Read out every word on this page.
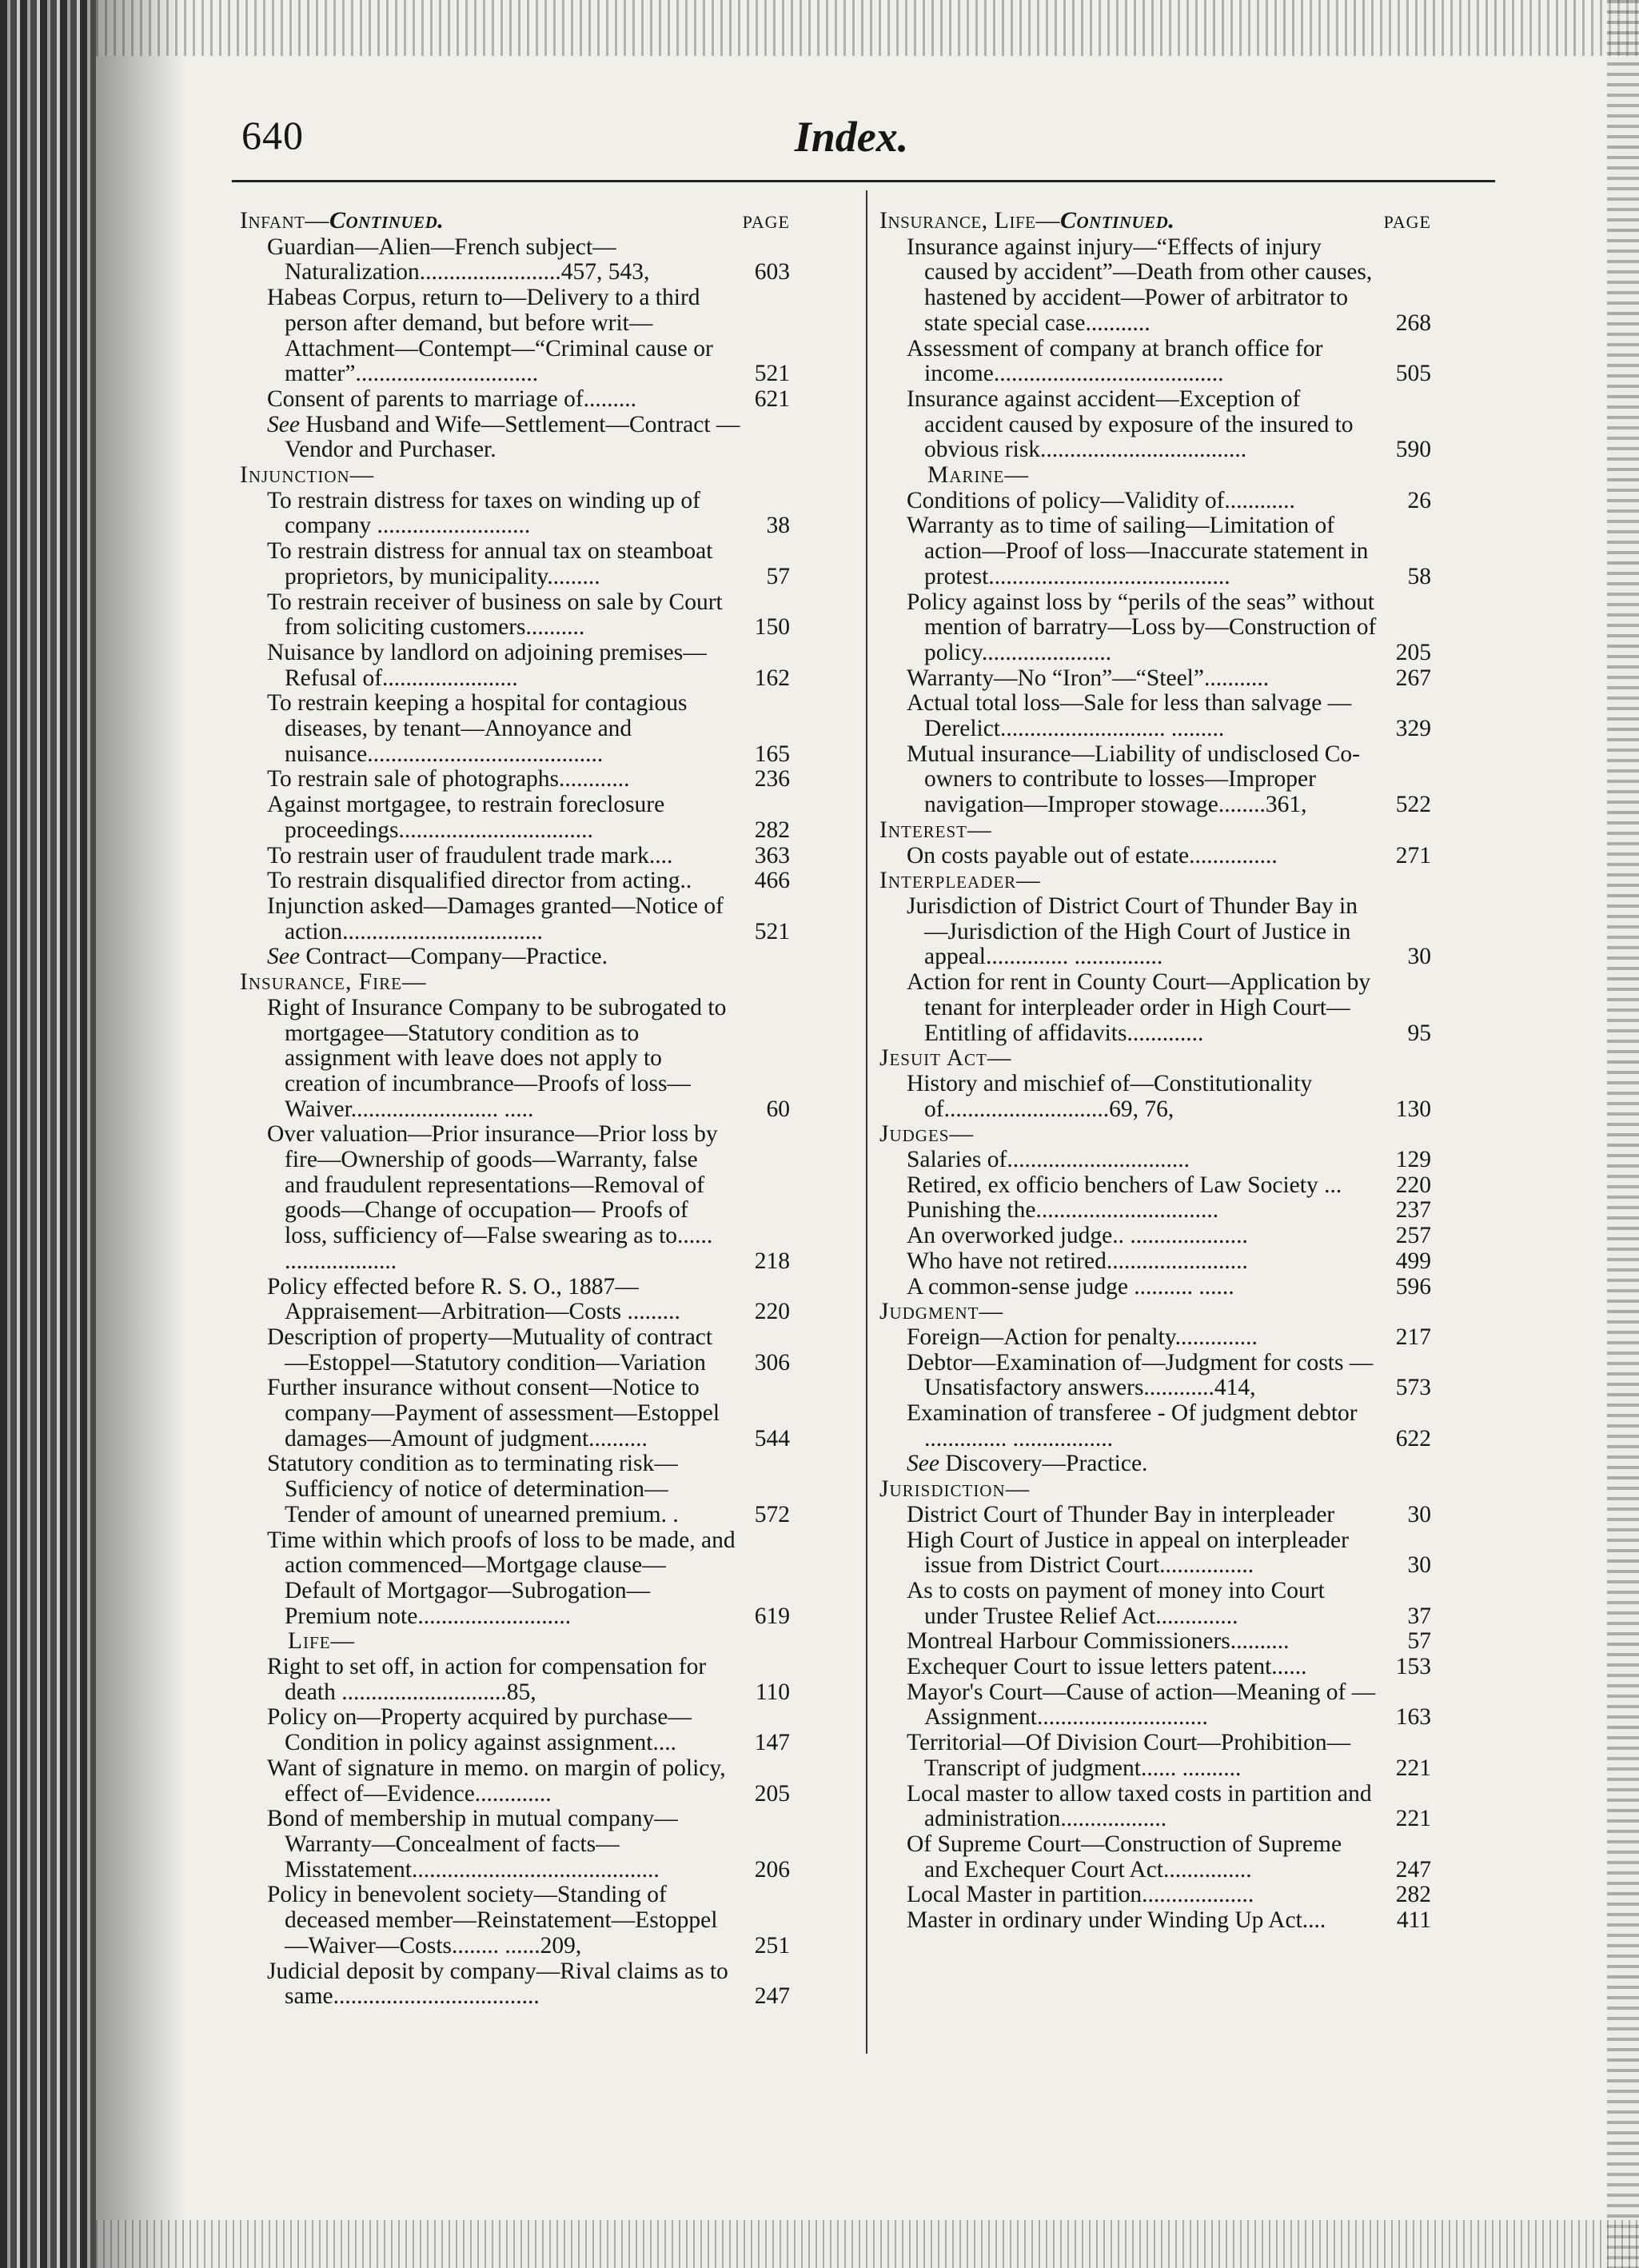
640	Index.
Infant—Continued.	PAGE
Guardian—Alien—French subject—Naturalization........................457, 543,	603
Habeas Corpus, return to—Delivery to a third person after demand, but before writ—Attachment—Contempt—“Criminal cause or matter”...............................	521
Consent of parents to marriage of.........	621
See Husband and Wife—Settlement—Contract —Vendor and Purchaser.
Injunction—
To restrain distress for taxes on winding up of company ..........................	38
To restrain distress for annual tax on steamboat proprietors, by municipality.........	57
To restrain receiver of business on sale by Court from soliciting customers..........	150
Nuisance by landlord on adjoining premises— Refusal of.......................	162
To restrain keeping a hospital for contagious diseases, by tenant—Annoyance and nuisance........................................	165
To restrain sale of photographs............	236
Against mortgagee, to restrain foreclosure proceedings.................................	282
To restrain user of fraudulent trade mark....	363
To restrain disqualified director from acting..	466
Injunction asked—Damages granted—Notice of action..................................	521
See Contract—Company—Practice.
Insurance, Fire—
Right of Insurance Company to be subrogated to mortgagee—Statutory condition as to assignment with leave does not apply to creation of incumbrance—Proofs of loss— Waiver......................... .....	60
Over valuation—Prior insurance—Prior loss by fire—Ownership of goods—Warranty, false and fraudulent representations—Removal of goods—Change of occupation— Proofs of loss, sufficiency of—False swearing as to...... ...................	218
Policy effected before R. S. O., 1887—Appraisement—Arbitration—Costs .........	220
Description of property—Mutuality of contract —Estoppel—Statutory condition—Variation 306
Further insurance without consent—Notice to company—Payment of assessment—Estoppel damages—Amount of judgment..........	544
Statutory condition as to terminating risk— Sufficiency of notice of determination— Tender of amount of unearned premium. .	572
Time within which proofs of loss to be made, and action commenced—Mortgage clause— Default of Mortgagor—Subrogation— Premium note..........................	619
Life—
Right to set off, in action for compensation for death ............................85,	110
Policy on—Property acquired by purchase— Condition in policy against assignment....	147
Want of signature in memo. on margin of policy, effect of—Evidence.............	205
Bond of membership in mutual company— Warranty—Concealment of facts—Misstatement..........................................	206
Policy in benevolent society—Standing of deceased member—Reinstatement—Estoppel—Waiver—Costs........ ......209,	251
Judicial deposit by company—Rival claims as to same...................................	247
Insurance, Life—Continued.	PAGE
Insurance against injury—“Effects of injury caused by accident”—Death from other causes, hastened by accident—Power of arbitrator to state special case...........	268
Assessment of company at branch office for income.......................................	505
Insurance against accident—Exception of accident caused by exposure of the insured to obvious risk...................................	590
Marine—
Conditions of policy—Validity of............	26
Warranty as to time of sailing—Limitation of action—Proof of loss—Inaccurate statement in protest.........................................	58
Policy against loss by “perils of the seas” without mention of barratry—Loss by—Construction of policy......................	205
Warranty—No “Iron”—“Steel”...........	267
Actual total loss—Sale for less than salvage —Derelict............................ .........	329
Mutual insurance—Liability of undisclosed Co-owners to contribute to losses—Improper navigation—Improper stowage........361,	522
Interest—
On costs payable out of estate...............	271
Interpleader—
Jurisdiction of District Court of Thunder Bay in—Jurisdiction of the High Court of Justice in appeal.............. ...............	30
Action for rent in County Court—Application by tenant for interpleader order in High Court—Entitling of affidavits.............	95
Jesuit Act—
History and mischief of—Constitutionality of............................69, 76,	130
Judges—
Salaries of...............................	129
Retired, ex officio benchers of Law Society ... 220
Punishing the...............................	237
An overworked judge.. ....................	257
Who have not retired........................	499
A common-sense judge .......... ......	596
Judgment—
Foreign—Action for penalty..............	217
Debtor—Examination of—Judgment for costs —Unsatisfactory answers............414,	573
Examination of transferee - Of judgment debtor .............. .................	622
See Discovery—Practice.
Jurisdiction—
District Court of Thunder Bay in interpleader	30
High Court of Justice in appeal on interpleader issue from District Court................	30
As to costs on payment of money into Court under Trustee Relief Act..............	37
Montreal Harbour Commissioners..........	57
Exchequer Court to issue letters patent......	153
Mayor's Court—Cause of action—Meaning of —Assignment.............................	163
Territorial—Of Division Court—Prohibition— Transcript of judgment...... ..........	221
Local master to allow taxed costs in partition and administration..................	221
Of Supreme Court—Construction of Supreme and Exchequer Court Act...............	247
Local Master in partition...................	282
Master in ordinary under Winding Up Act....	411
